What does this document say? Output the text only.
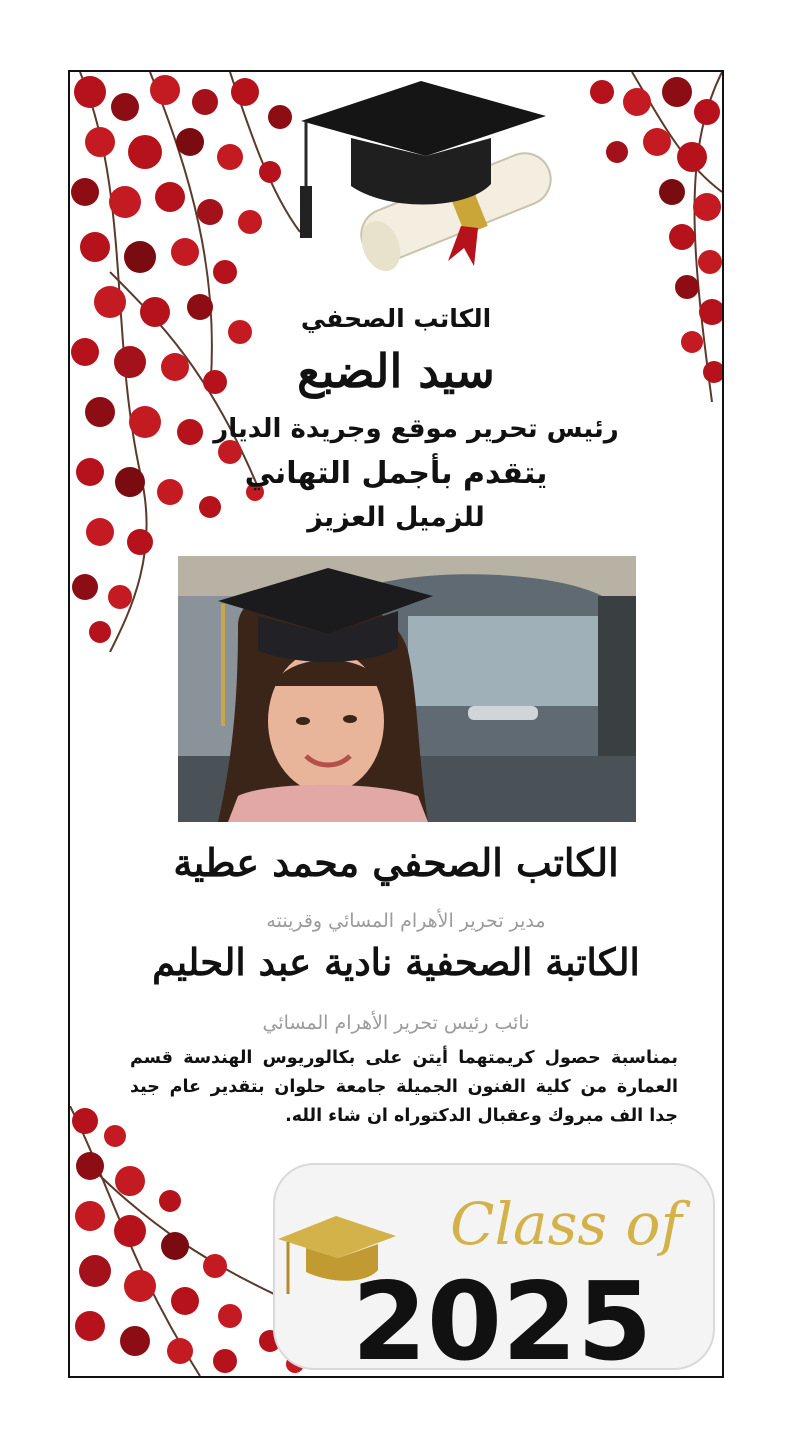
الكاتب الصحفي
سيد الضبع
رئيس تحرير موقع وجريدة الديار
يتقدم بأجمل التهاني
للزميل العزيز
الكاتب الصحفي محمد عطية
مدير تحرير الأهرام المسائي وقرينته
الكاتبة الصحفية نادية عبد الحليم
نائب رئيس تحرير الأهرام المسائي
بمناسبة حصول كريمتهما أيتن على بكالوريوس الهندسة قسم العمارة من كلية الفنون الجميلة جامعة حلوان بتقدير عام جيد جدا الف مبروك وعقبال الدكتوراه ان شاء الله.
Class of
2025
